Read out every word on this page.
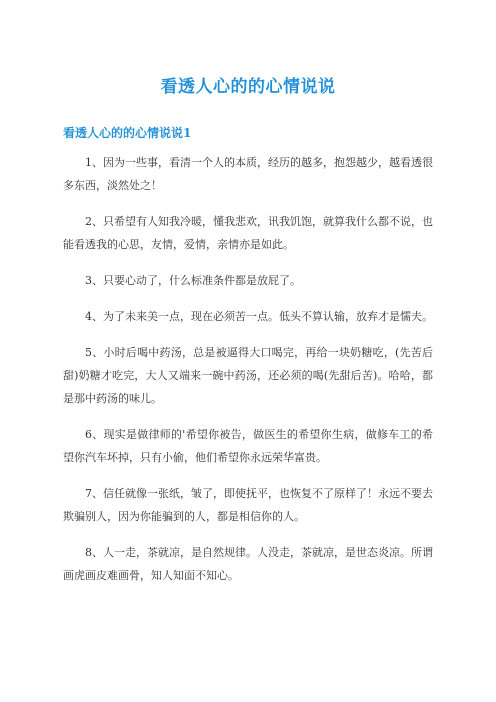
看透人心的的心情说说
看透人心的的心情说说1

1、因为一些事，看清一个人的本质，经历的越多，抱怨越少，越看透很多东西，淡然处之！

2、只希望有人知我冷暖，懂我悲欢，讯我饥饱，就算我什么都不说，也能看透我的心思，友情，爱情，亲情亦是如此。

3、只要心动了，什么标准条件都是放屁了。

4、为了未来美一点，现在必须苦一点。低头不算认输，放弃才是懦夫。

5、小时后喝中药汤，总是被逼得大口喝完，再给一块奶糖吃，(先苦后甜)奶糖才吃完，大人又端来一碗中药汤，还必须的喝(先甜后苦)。哈哈，都是那中药汤的味儿。

6、现实是做律师的'希望你被告，做医生的希望你生病，做修车工的希望你汽车坏掉，只有小偷，他们希望你永远荣华富贵。

7、信任就像一张纸，皱了，即使抚平，也恢复不了原样了！永远不要去欺骗别人，因为你能骗到的人，都是相信你的人。

8、人一走，茶就凉，是自然规律。人没走，茶就凉，是世态炎凉。所谓画虎画皮难画骨，知人知面不知心。
